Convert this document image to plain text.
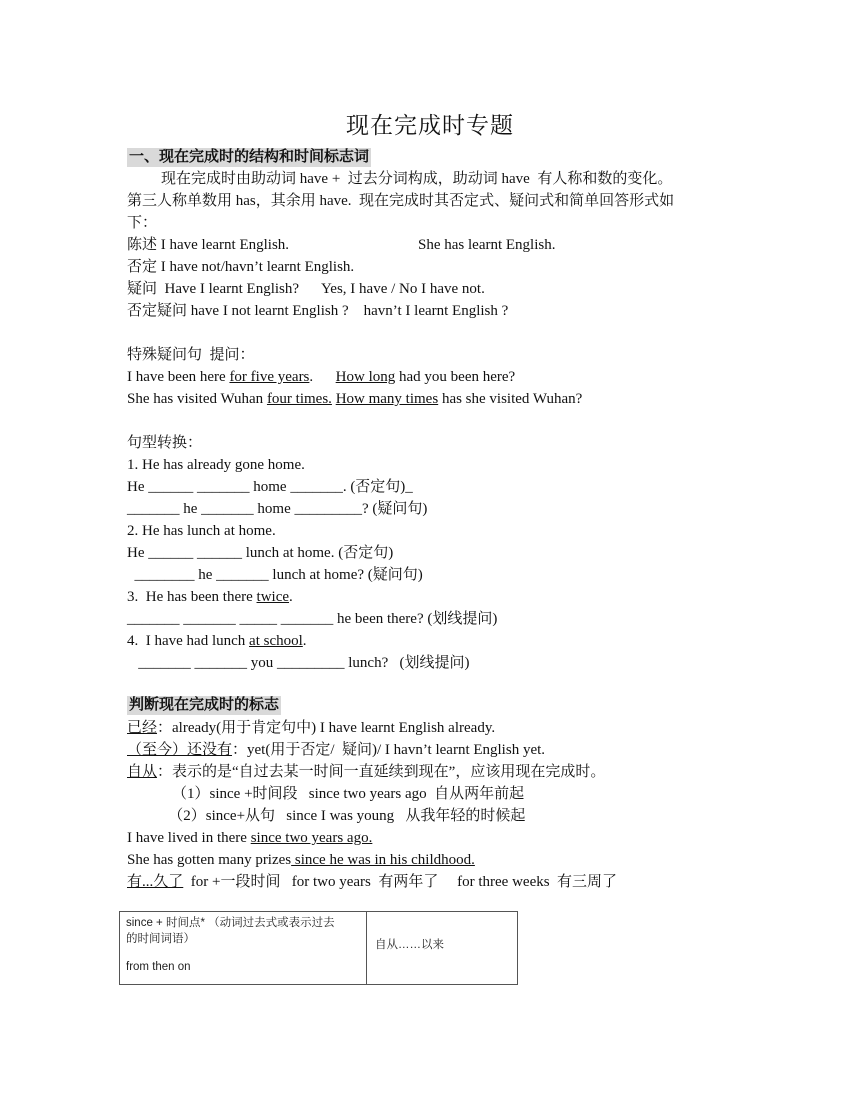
现在完成时专题
一、现在完成时的结构和时间标志词
现在完成时由助动词 have +  过去分词构成，助动词 have  有人称和数的变化。
第三人称单数用 has，其余用 have.  现在完成时其否定式、疑问式和简单回答形式如
下：
陈述 I have learnt English.	She has learnt English.
否定 I have not/havn’t learnt English.
疑问  Have I learnt English?      Yes, I have / No I have not.
否定疑问 have I not learnt English ?    havn’t I learnt English ?
特殊疑问句  提问：
I have been here for five years.      How long had you been here?
She has visited Wuhan four times. How many times has she visited Wuhan?
句型转换：
1. He has already gone home.
He ______ _______ home _______. (否定句)_
_______ he _______ home _________? (疑问句)
2. He has lunch at home.
He ______ ______ lunch at home. (否定句)
________ he _______ lunch at home? (疑问句)
3.  He has been there twice.
_______ _______ _____ _______ he been there? (划线提问)
4.  I have had lunch at school.
_______ _______ you _________ lunch?   (划线提问)
判断现在完成时的标志
已经：already(用于肯定句中) I have learnt English already.
（至今）还没有：yet(用于否定/  疑问)/ I havn’t learnt English yet.
自从：表示的是“自过去某一时间一直延续到现在”，应该用现在完成时。
（1）since +时间段   since two years ago  自从两年前起
（2）since+从句   since I was young   从我年轻的时候起
I have lived in there since two years ago.
She has gotten many prizes since he was in his childhood.
有...久了  for +一段时间   for two years  有两年了     for three weeks  有三周了
since + 时间点* （动词过去式或表示过去
的时间词语）
from then on
自从……以来
